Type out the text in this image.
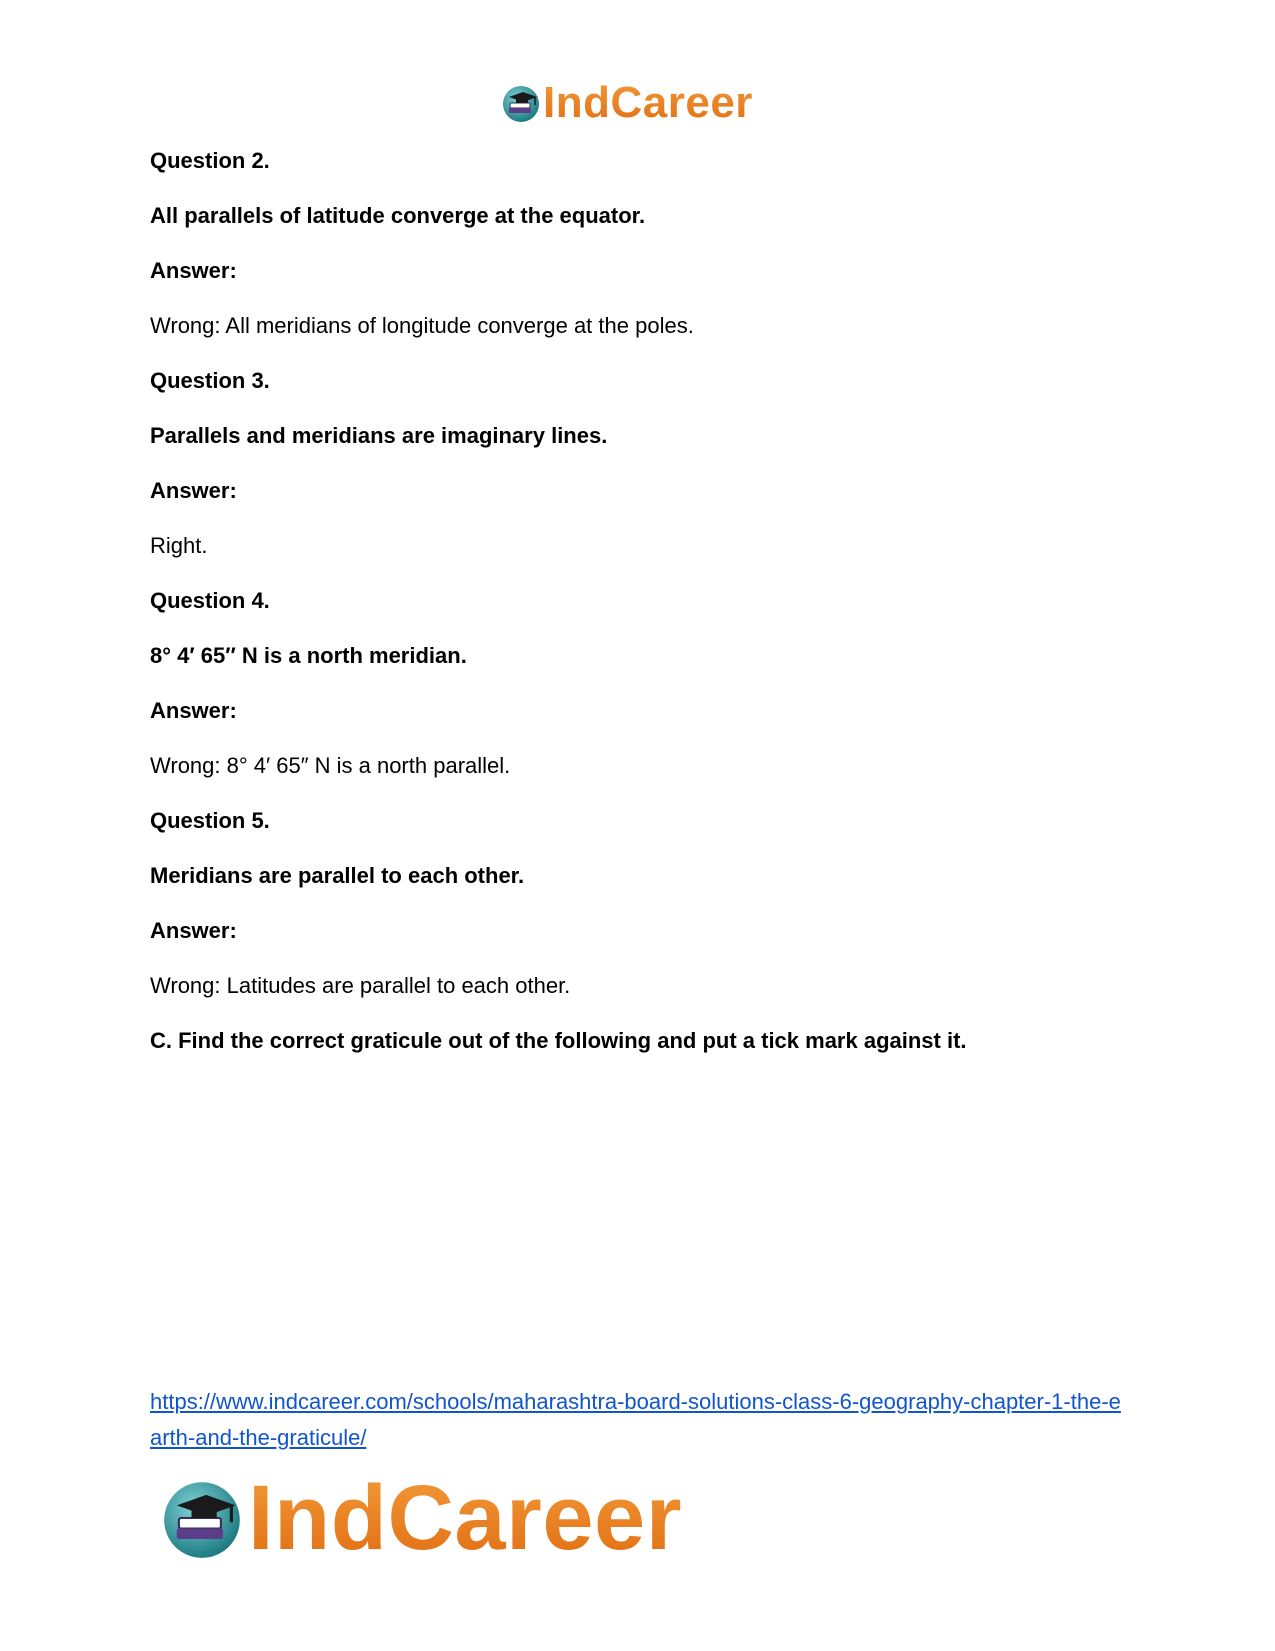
IndCareer
Question 2.
All parallels of latitude converge at the equator.
Answer:
Wrong: All meridians of longitude converge at the poles.
Question 3.
Parallels and meridians are imaginary lines.
Answer:
Right.
Question 4.
8° 4′ 65″ N is a north meridian.
Answer:
Wrong: 8° 4′ 65″ N is a north parallel.
Question 5.
Meridians are parallel to each other.
Answer:
Wrong: Latitudes are parallel to each other.
C. Find the correct graticule out of the following and put a tick mark against it.
https://www.indcareer.com/schools/maharashtra-board-solutions-class-6-geography-chapter-1-the-earth-and-the-graticule/
IndCareer
